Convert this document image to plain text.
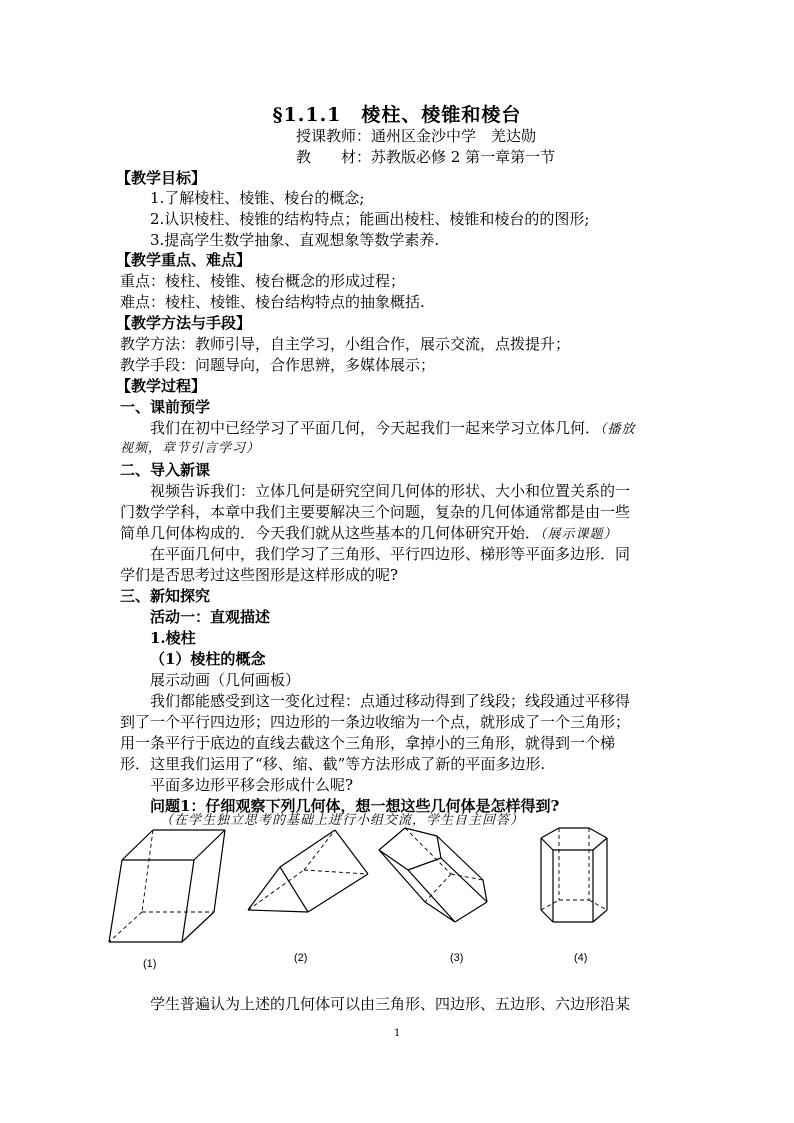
§1.1.1　棱柱、棱锥和棱台
授课教师：通州区金沙中学　羌达勋
教　　材：苏教版必修 2 第一章第一节
【教学目标】
1.了解棱柱、棱锥、棱台的概念;
2.认识棱柱、棱锥的结构特点；能画出棱柱、棱锥和棱台的的图形;
3.提高学生数学抽象、直观想象等数学素养.
【教学重点、难点】
重点：棱柱、棱锥、棱台概念的形成过程；
难点：棱柱、棱锥、棱台结构特点的抽象概括.
【教学方法与手段】
教学方法：教师引导，自主学习，小组合作，展示交流，点拨提升；
教学手段：问题导向，合作思辨，多媒体展示；
【教学过程】
一、课前预学
我们在初中已经学习了平面几何，今天起我们一起来学习立体几何．（播放
视频，章节引言学习）
二、导入新课
视频告诉我们：立体几何是研究空间几何体的形状、大小和位置关系的一
门数学学科，本章中我们主要要解决三个问题，复杂的几何体通常都是由一些
简单几何体构成的．今天我们就从这些基本的几何体研究开始．（展示课题）
在平面几何中，我们学习了三角形、平行四边形、梯形等平面多边形．同
学们是否思考过这些图形是这样形成的呢?
三、新知探究
活动一：直观描述
1.棱柱
（1）棱柱的概念
展示动画（几何画板）
我们都能感受到这一变化过程：点通过移动得到了线段；线段通过平移得
到了一个平行四边形；四边形的一条边收缩为一个点，就形成了一个三角形；
用一条平行于底边的直线去截这个三角形，拿掉小的三角形，就得到一个梯
形．这里我们运用了“移、缩、截”等方法形成了新的平面多边形.
平面多边形平移会形成什么呢?
问题1：仔细观察下列几何体，想一想这些几何体是怎样得到?
（在学生独立思考的基础上进行小组交流，学生自主回答）
(1)	(2)	(3)	(4)
学生普遍认为上述的几何体可以由三角形、四边形、五边形、六边形沿某
1
